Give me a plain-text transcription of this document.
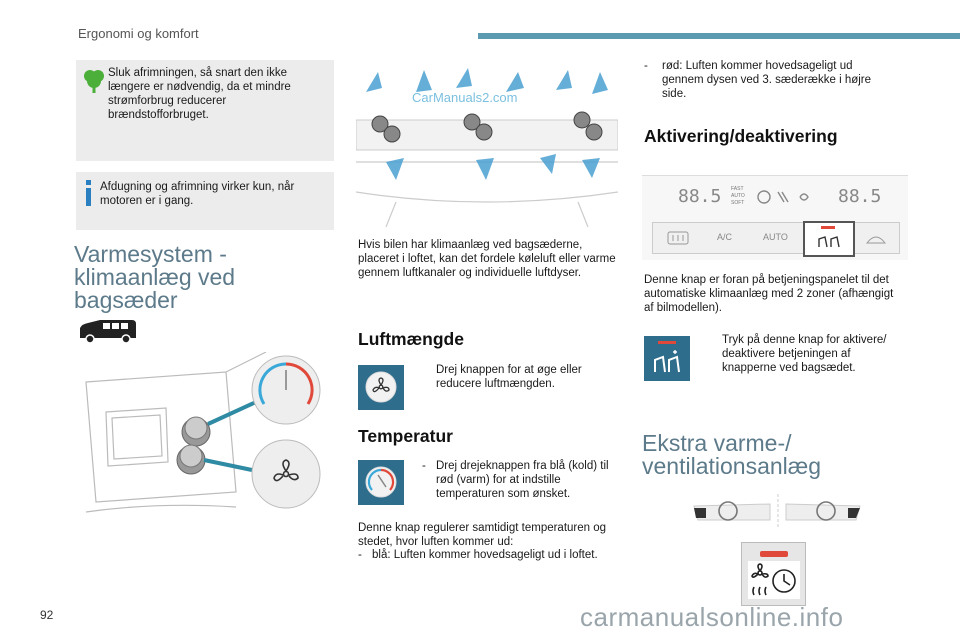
Ergonomi og komfort
Sluk afrimningen, så snart den ikke længere er nødvendig, da et mindre strømforbrug reducerer brændstofforbruget.
Afdugning og afrimning virker kun, når motoren er i gang.
Varmesystem -
klimaanlæg ved
bagsæder
CarManuals2.com
Hvis bilen har klimaanlæg ved bagsæderne, placeret i loftet, kan det fordele køleluft eller varme gennem luftkanaler og individuelle luftdyser.
Luftmængde
Drej knappen for at øge eller reducere luftmængden.
Temperatur
- Drej drejeknappen fra blå (kold) til rød (varm) for at indstille temperaturen som ønsket.
Denne knap regulerer samtidigt temperaturen og stedet, hvor luften kommer ud:
- blå: Luften kommer hovedsageligt ud i loftet.
-	rød: Luften kommer hovedsageligt ud gennem dysen ved 3. sæderække i højre side.
Aktivering/deaktivering
88.5 FAST
AUTO
SOFT	88.5
A/C	AUTO
Denne knap er foran på betjeningspanelet til det automatiske klimaanlæg med 2 zoner (afhængigt af bilmodellen).
Tryk på denne knap for aktivere/ deaktivere betjeningen af knapperne ved bagsædet.
Ekstra varme-/
ventilationsanlæg
92	carmanualsonline.info
